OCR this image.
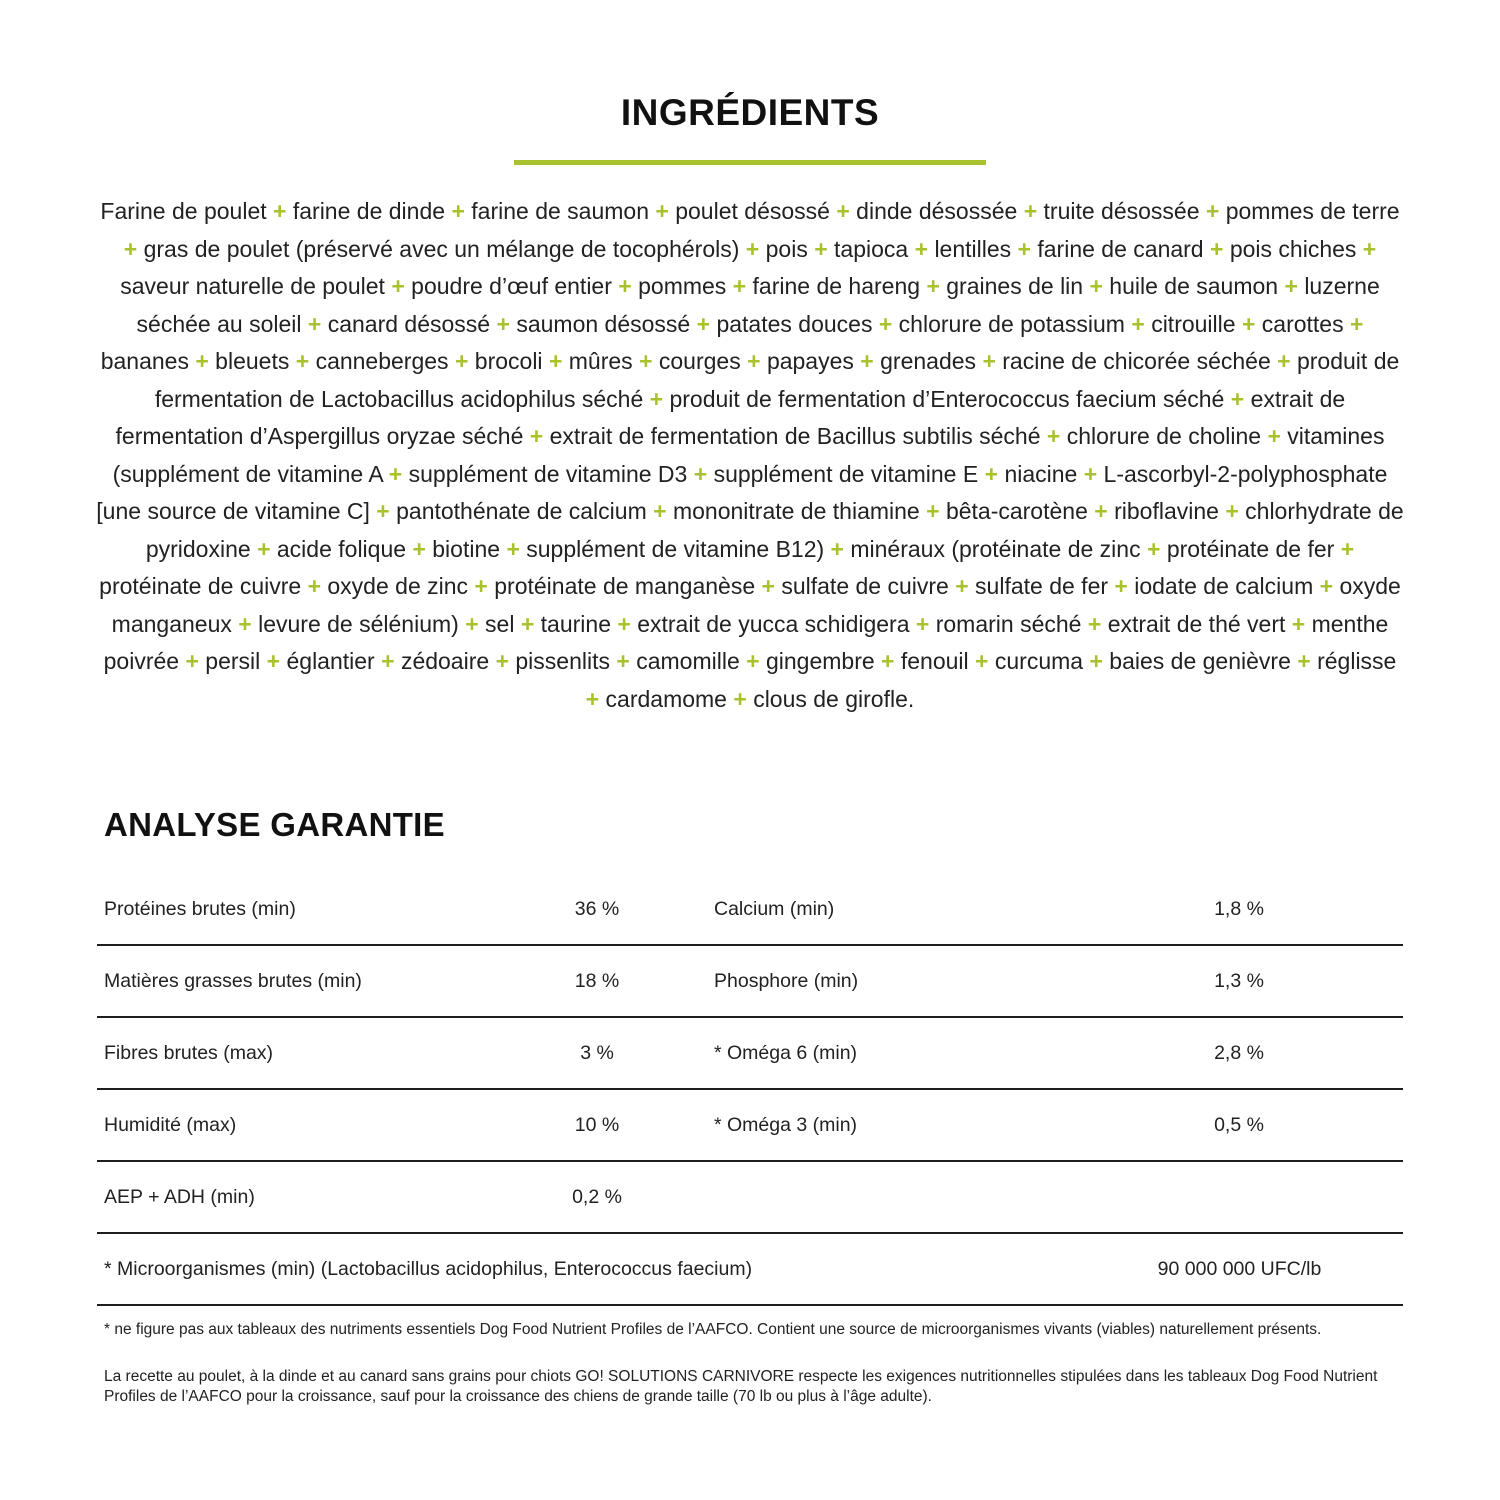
INGRÉDIENTS
Farine de poulet + farine de dinde + farine de saumon + poulet désossé + dinde désossée + truite désossée + pommes de terre + gras de poulet (préservé avec un mélange de tocophérols) + pois + tapioca + lentilles + farine de canard + pois chiches + saveur naturelle de poulet + poudre d’œuf entier + pommes + farine de hareng + graines de lin + huile de saumon + luzerne séchée au soleil + canard désossé + saumon désossé + patates douces + chlorure de potassium + citrouille + carottes + bananes + bleuets + canneberges + brocoli + mûres + courges + papayes + grenades + racine de chicorée séchée + produit de fermentation de Lactobacillus acidophilus séché + produit de fermentation d’Enterococcus faecium séché + extrait de fermentation d’Aspergillus oryzae séché + extrait de fermentation de Bacillus subtilis séché + chlorure de choline + vitamines (supplément de vitamine A + supplément de vitamine D3 + supplément de vitamine E + niacine + L-ascorbyl-2-polyphosphate [une source de vitamine C] + pantothénate de calcium + mononitrate de thiamine + bêta-carotène + riboflavine + chlorhydrate de pyridoxine + acide folique + biotine + supplément de vitamine B12) + minéraux (protéinate de zinc + protéinate de fer + protéinate de cuivre + oxyde de zinc + protéinate de manganèse + sulfate de cuivre + sulfate de fer + iodate de calcium + oxyde manganeux + levure de sélénium) + sel + taurine + extrait de yucca schidigera + romarin séché + extrait de thé vert + menthe poivrée + persil + églantier + zédoaire + pissenlits + camomille + gingembre + fenouil + curcuma + baies de genièvre + réglisse + cardamome + clous de girofle.
ANALYSE GARANTIE
Protéines brutes (min)	36 %	Calcium (min)	1,8 %
Matières grasses brutes (min)	18 %	Phosphore (min)	1,3 %
Fibres brutes (max)	3 %	* Oméga 6 (min)	2,8 %
Humidité (max)	10 %	* Oméga 3 (min)	0,5 %
AEP + ADH (min)	0,2 %
* Microorganismes (min) (Lactobacillus acidophilus, Enterococcus faecium)	90 000 000 UFC/lb

* ne figure pas aux tableaux des nutriments essentiels Dog Food Nutrient Profiles de l’AAFCO. Contient une source de microorganismes vivants (viables) naturellement présents.

La recette au poulet, à la dinde et au canard sans grains pour chiots GO! SOLUTIONS CARNIVORE respecte les exigences nutritionnelles stipulées dans les tableaux Dog Food Nutrient Profiles de l’AAFCO pour la croissance, sauf pour la croissance des chiens de grande taille (70 lb ou plus à l’âge adulte).
